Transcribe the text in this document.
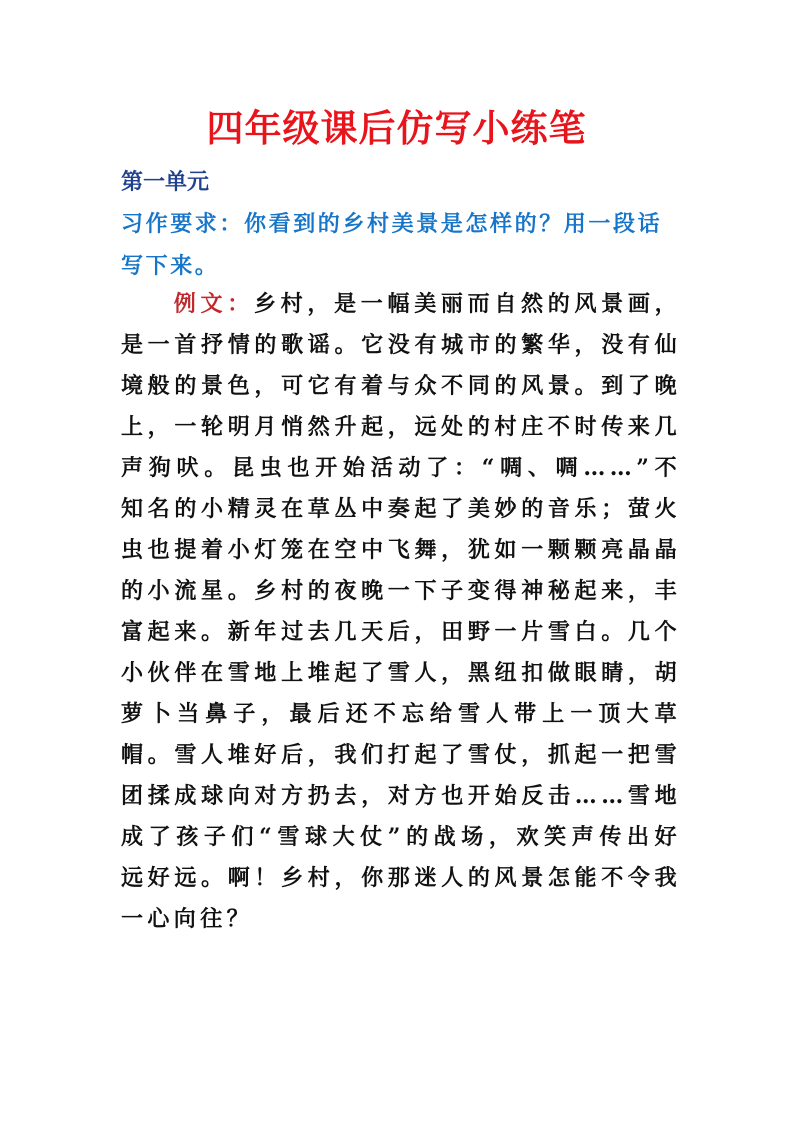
四年级课后仿写小练笔

第一单元

习作要求：你看到的乡村美景是怎样的？用一段话写下来。

例文：乡村，是一幅美丽而自然的风景画，是一首抒情的歌谣。它没有城市的繁华，没有仙境般的景色，可它有着与众不同的风景。到了晚上，一轮明月悄然升起，远处的村庄不时传来几声狗吠。昆虫也开始活动了：“啁、啁……”不知名的小精灵在草丛中奏起了美妙的音乐；萤火虫也提着小灯笼在空中飞舞，犹如一颗颗亮晶晶的小流星。乡村的夜晚一下子变得神秘起来，丰富起来。新年过去几天后，田野一片雪白。几个小伙伴在雪地上堆起了雪人，黑纽扣做眼睛，胡萝卜当鼻子，最后还不忘给雪人带上一顶大草帽。雪人堆好后，我们打起了雪仗，抓起一把雪团揉成球向对方扔去，对方也开始反击……雪地成了孩子们“雪球大仗”的战场，欢笑声传出好远好远。啊！乡村，你那迷人的风景怎能不令我一心向往？
